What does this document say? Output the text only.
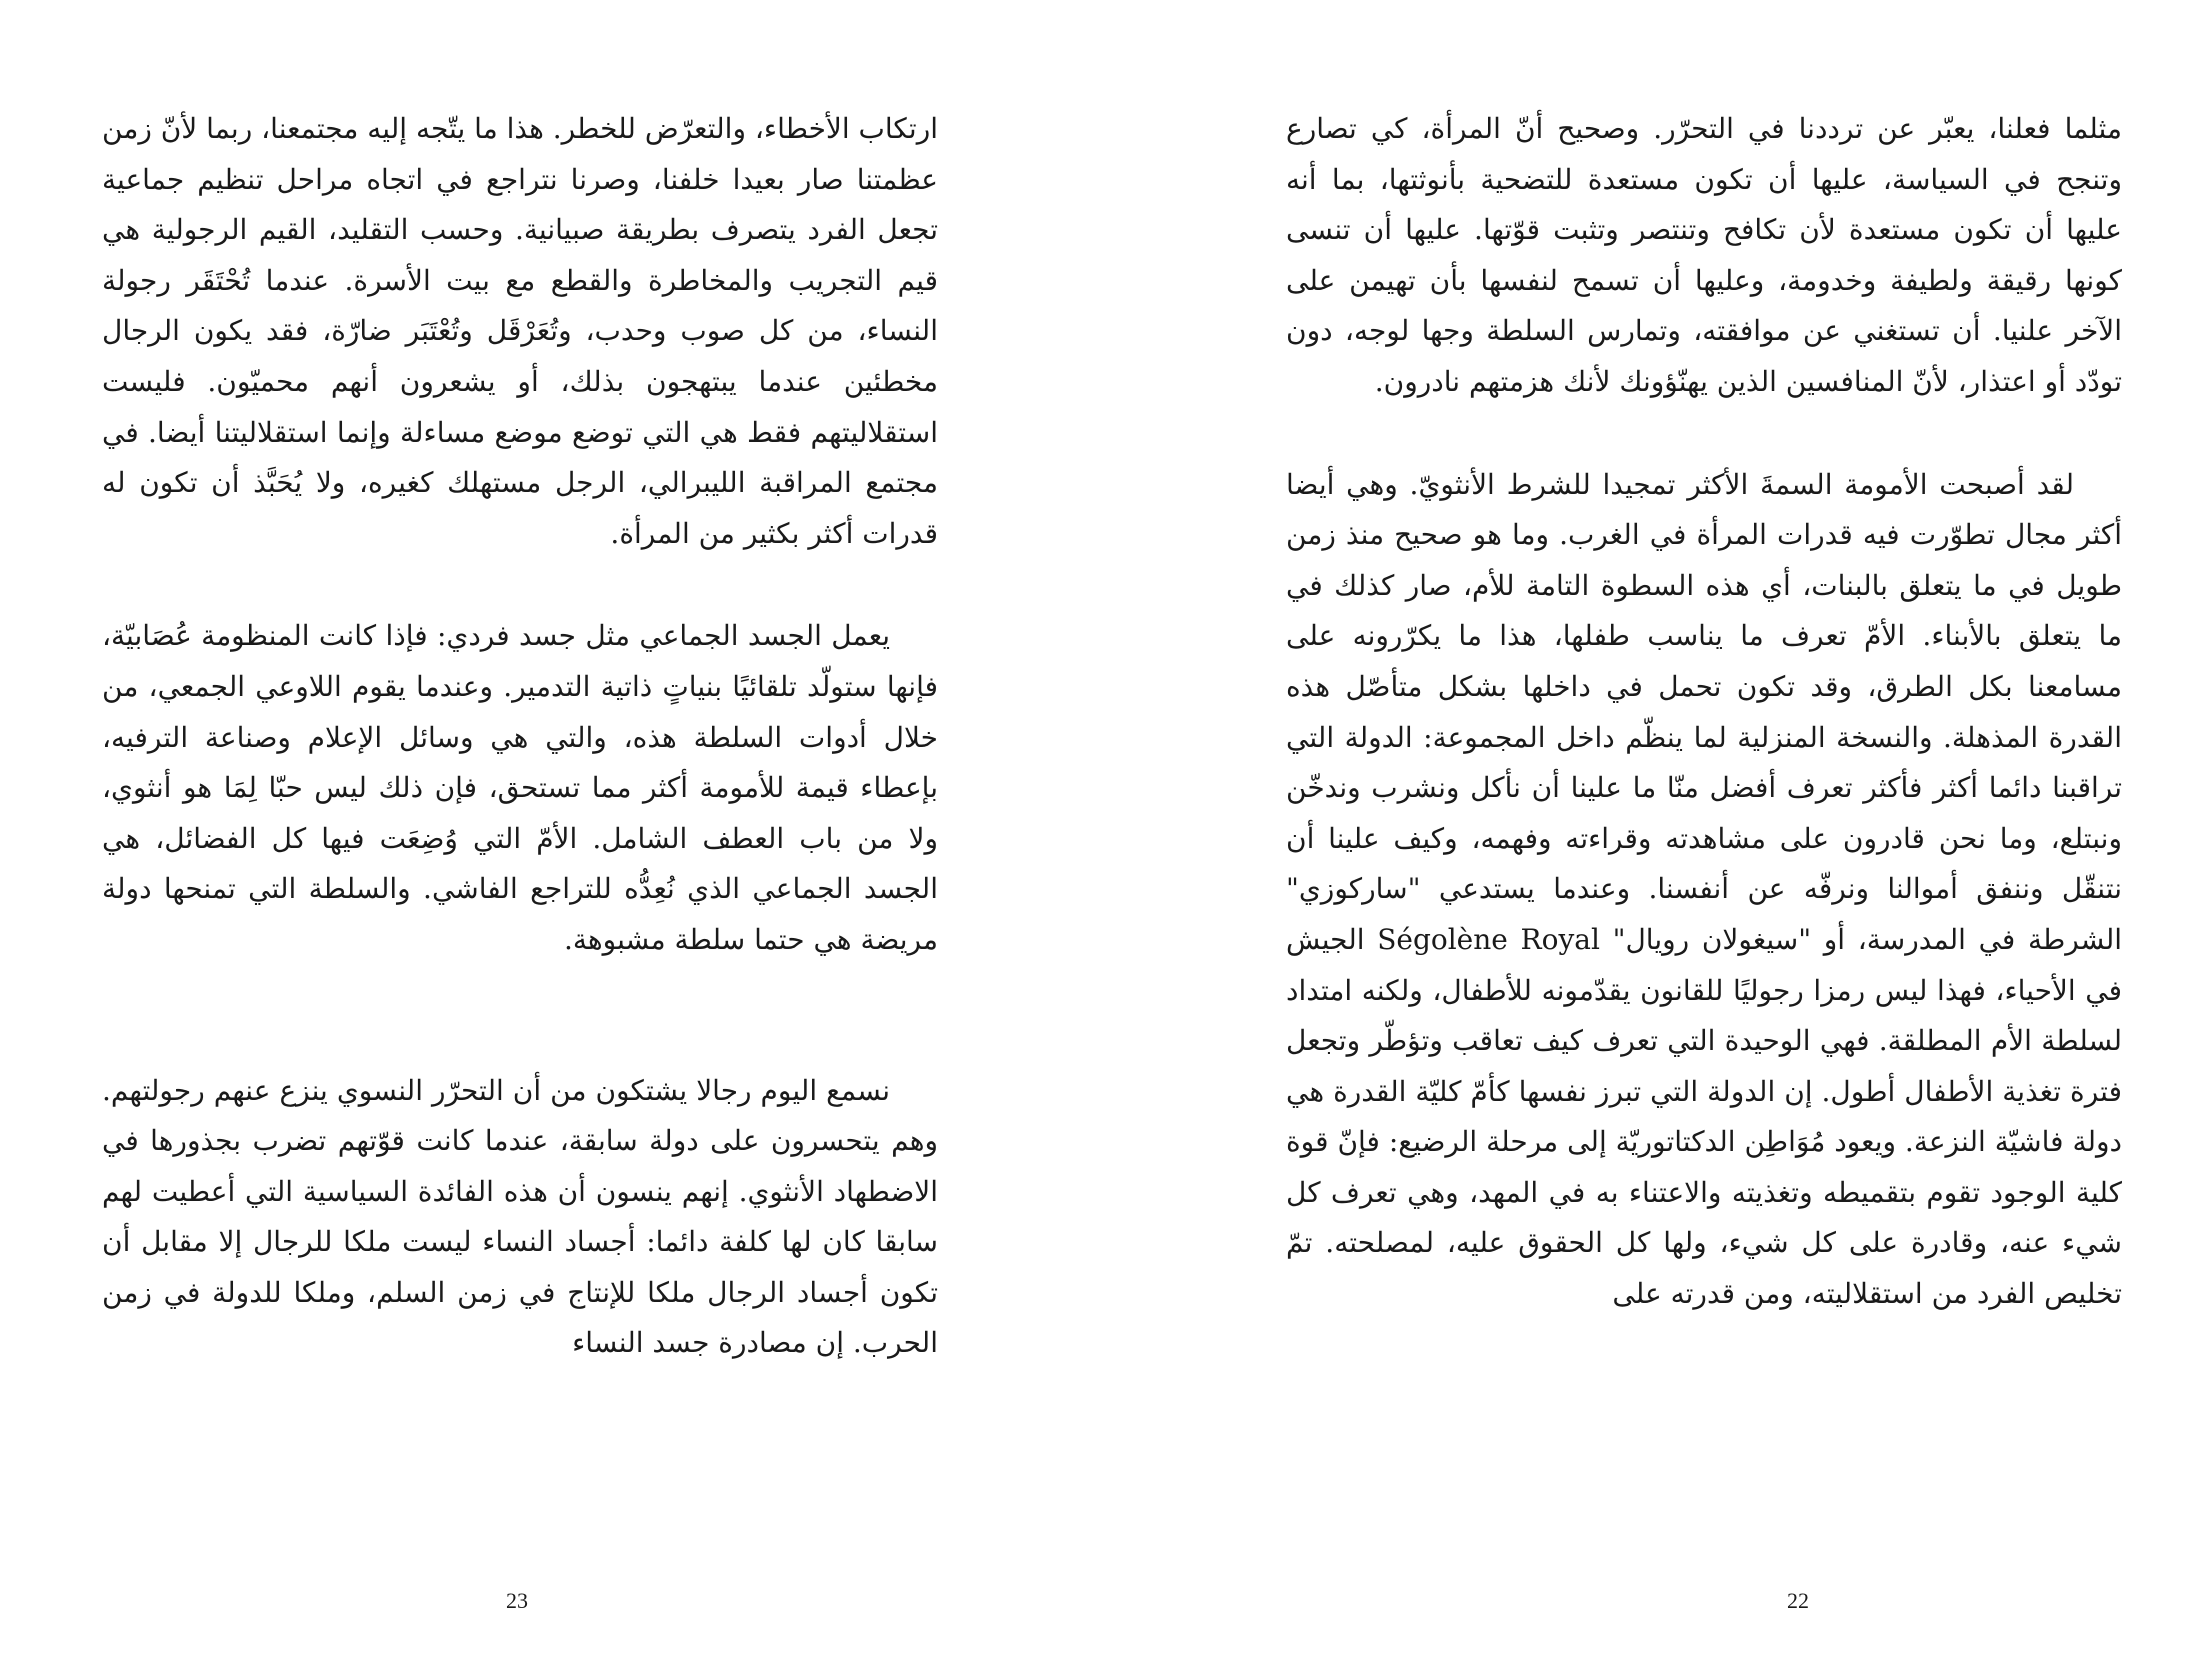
ارتكاب الأخطاء، والتعرّض للخطر. هذا ما يتّجه إليه مجتمعنا، ربما لأنّ زمن عظمتنا صار بعيدا خلفنا، وصرنا نتراجع في اتجاه مراحل تنظيم جماعية تجعل الفرد يتصرف بطريقة صبيانية. وحسب التقليد، القيم الرجولية هي قيم التجريب والمخاطرة والقطع مع بيت الأسرة. عندما تُحْتَقَر رجولة النساء، من كل صوب وحدب، وتُعَرْقَل وتُعْتَبَر ضارّة، فقد يكون الرجال مخطئين عندما يبتهجون بذلك، أو يشعرون أنهم محميّون. فليست استقلاليتهم فقط هي التي توضع موضع مساءلة وإنما استقلاليتنا أيضا. في مجتمع المراقبة الليبرالي، الرجل مستهلك كغيره، ولا يُحَبَّذ أن تكون له قدرات أكثر بكثير من المرأة.

يعمل الجسد الجماعي مثل جسد فردي: فإذا كانت المنظومة عُصَابيّة، فإنها ستولّد تلقائيًا بنياتٍ ذاتية التدمير. وعندما يقوم اللاوعي الجمعي، من خلال أدوات السلطة هذه، والتي هي وسائل الإعلام وصناعة الترفيه، بإعطاء قيمة للأمومة أكثر مما تستحق، فإن ذلك ليس حبّا لِمَا هو أنثوي، ولا من باب العطف الشامل. الأمّ التي وُضِعَت فيها كل الفضائل، هي الجسد الجماعي الذي نُعِدُّه للتراجع الفاشي. والسلطة التي تمنحها دولة مريضة هي حتما سلطة مشبوهة.

نسمع اليوم رجالا يشتكون من أن التحرّر النسوي ينزع عنهم رجولتهم. وهم يتحسرون على دولة سابقة، عندما كانت قوّتهم تضرب بجذورها في الاضطهاد الأنثوي. إنهم ينسون أن هذه الفائدة السياسية التي أعطيت لهم سابقا كان لها كلفة دائما: أجساد النساء ليست ملكا للرجال إلا مقابل أن تكون أجساد الرجال ملكا للإنتاج في زمن السلم، وملكا للدولة في زمن الحرب. إن مصادرة جسد النساء

23

مثلما فعلنا، يعبّر عن ترددنا في التحرّر. وصحيح أنّ المرأة، كي تصارع وتنجح في السياسة، عليها أن تكون مستعدة للتضحية بأنوثتها، بما أنه عليها أن تكون مستعدة لأن تكافح وتنتصر وتثبت قوّتها. عليها أن تنسى كونها رقيقة ولطيفة وخدومة، وعليها أن تسمح لنفسها بأن تهيمن على الآخر علنيا. أن تستغني عن موافقته، وتمارس السلطة وجها لوجه، دون تودّد أو اعتذار، لأنّ المنافسين الذين يهنّؤونك لأنك هزمتهم نادرون.

لقد أصبحت الأمومة السمةَ الأكثر تمجيدا للشرط الأنثويّ. وهي أيضا أكثر مجال تطوّرت فيه قدرات المرأة في الغرب. وما هو صحيح منذ زمن طويل في ما يتعلق بالبنات، أي هذه السطوة التامة للأم، صار كذلك في ما يتعلق بالأبناء. الأمّ تعرف ما يناسب طفلها، هذا ما يكرّرونه على مسامعنا بكل الطرق، وقد تكون تحمل في داخلها بشكل متأصّل هذه القدرة المذهلة. والنسخة المنزلية لما ينظّم داخل المجموعة: الدولة التي تراقبنا دائما أكثر فأكثر تعرف أفضل منّا ما علينا أن نأكل ونشرب وندخّن ونبتلع، وما نحن قادرون على مشاهدته وقراءته وفهمه، وكيف علينا أن نتنقّل وننفق أموالنا ونرفّه عن أنفسنا. وعندما يستدعي "ساركوزي" الشرطة في المدرسة، أو "سيغولان رويال" Ségolène Royal الجيش في الأحياء، فهذا ليس رمزا رجوليًا للقانون يقدّمونه للأطفال، ولكنه امتداد لسلطة الأم المطلقة. فهي الوحيدة التي تعرف كيف تعاقب وتؤطّر وتجعل فترة تغذية الأطفال أطول. إن الدولة التي تبرز نفسها كأمّ كليّة القدرة هي دولة فاشيّة النزعة. ويعود مُوَاطِن الدكتاتوريّة إلى مرحلة الرضيع: فإنّ قوة كلية الوجود تقوم بتقميطه وتغذيته والاعتناء به في المهد، وهي تعرف كل شيء عنه، وقادرة على كل شيء، ولها كل الحقوق عليه، لمصلحته. تمّ تخليص الفرد من استقلاليته، ومن قدرته على

22
